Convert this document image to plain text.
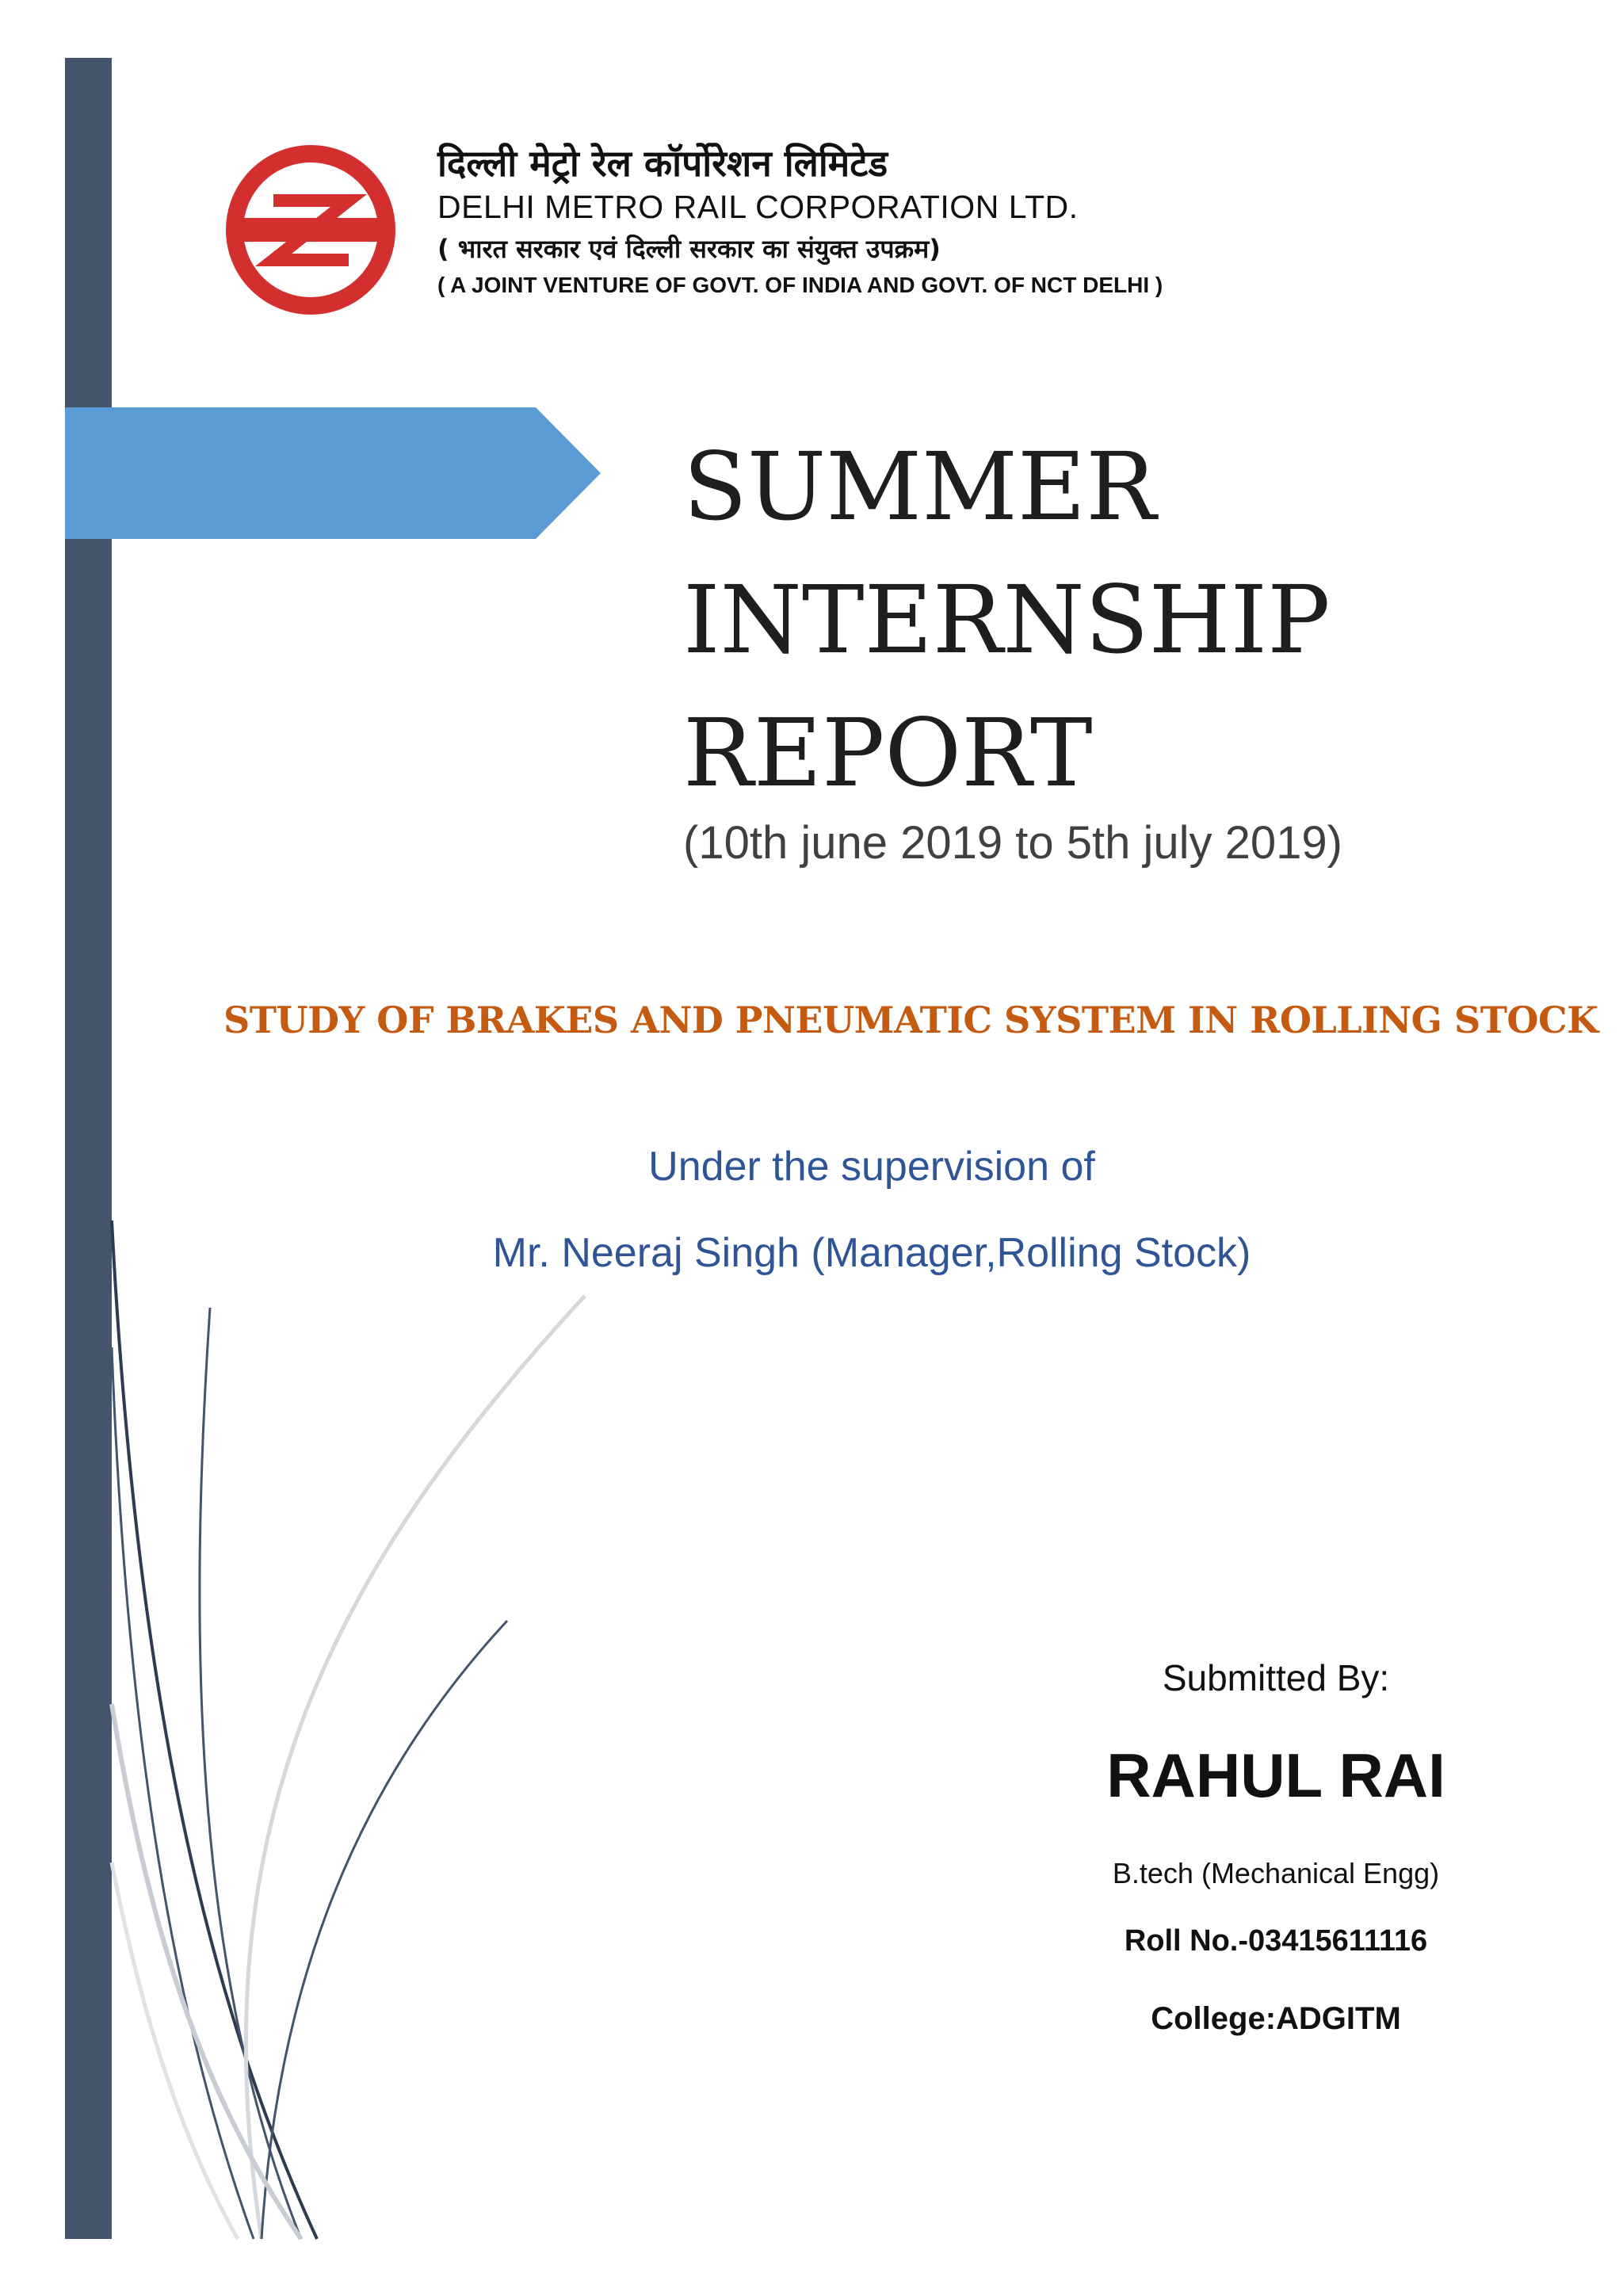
दिल्ली मेट्रो रेल कॉर्पोरेशन लिमिटेड
DELHI METRO RAIL CORPORATION LTD.
( भारत सरकार एवं दिल्ली सरकार का संयुक्त उपक्रम)
( A JOINT VENTURE OF GOVT. OF INDIA AND GOVT. OF NCT DELHI )
SUMMER
INTERNSHIP
REPORT
(10th june 2019 to 5th july 2019)
STUDY OF BRAKES AND PNEUMATIC SYSTEM IN ROLLING STOCK
Under the supervision of
Mr. Neeraj Singh (Manager,Rolling Stock)
Submitted By:
RAHUL RAI
B.tech (Mechanical Engg)
Roll No.-03415611116
College:ADGITM
